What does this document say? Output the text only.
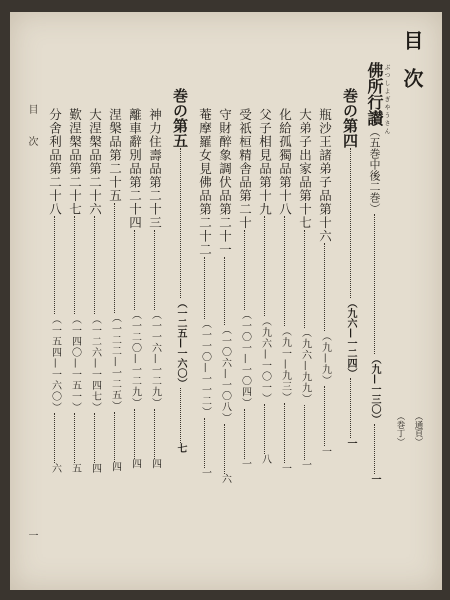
目次
（通頁）
（巻丁）
ぶつしよぎやうさん
佛所行讃（五巻中後二巻）（九—一三〇）一
巻の第四（九六—一二四）一
瓶沙王諸弟子品第十六（九—九）一
大弟子出家品第十七（九六—九九）一
化給孤獨品第十八（九一—九三）一
父子相見品第十九（九六—一〇一）八
受祇桓精舎品第二十（一〇一—一〇四）一
守財醉象調伏品第二十一（一〇六—一〇八）六
菴摩羅女見佛品第二十二（一一〇—一一二）一
巻の第五（一二五—一六〇）七
神力住壽品第二十三（一一六—一二九）四
離車辭別品第二十四（一二〇—一二九）四
涅槃品第二十五（一二二—一二五）四
大涅槃品第二十六（一二六—一四七）四
歎涅槃品第二十七（一四〇—一五一）五
分舍利品第二十八（一五四—一六〇）六
目次
一
